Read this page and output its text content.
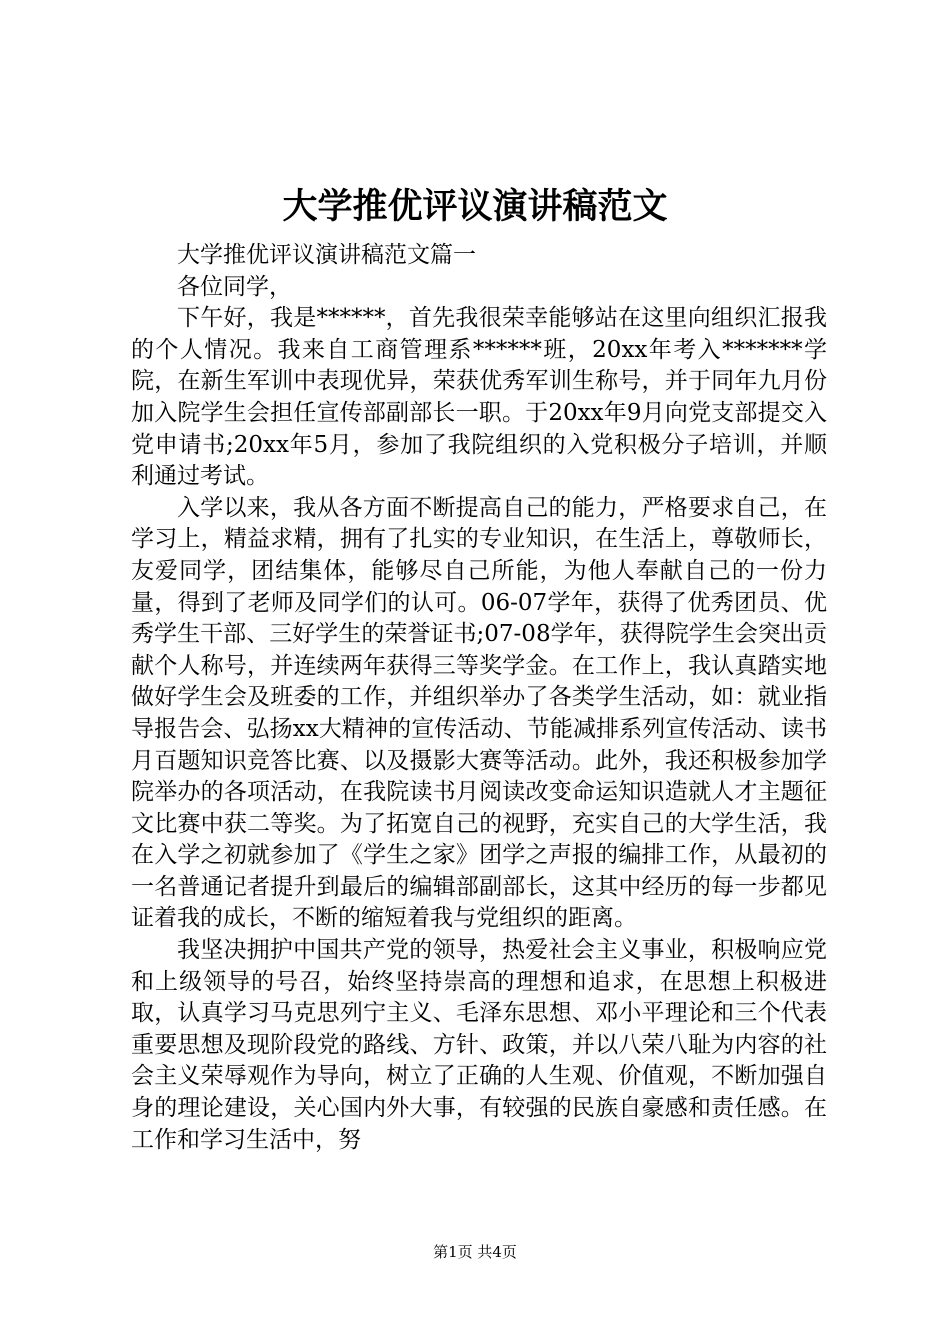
大学推优评议演讲稿范文

大学推优评议演讲稿范文篇一

各位同学，

下午好，我是******，首先我很荣幸能够站在这里向组织汇报我的个人情况。我来自工商管理系******班，20xx年考入*******学院，在新生军训中表现优异，荣获优秀军训生称号，并于同年九月份加入院学生会担任宣传部副部长一职。于20xx年9月向党支部提交入党申请书;20xx年5月，参加了我院组织的入党积极分子培训，并顺利通过考试。

入学以来，我从各方面不断提高自己的能力，严格要求自己，在学习上，精益求精，拥有了扎实的专业知识，在生活上，尊敬师长，友爱同学，团结集体，能够尽自己所能，为他人奉献自己的一份力量，得到了老师及同学们的认可。06-07学年，获得了优秀团员、优秀学生干部、三好学生的荣誉证书;07-08学年，获得院学生会突出贡献个人称号，并连续两年获得三等奖学金。在工作上，我认真踏实地做好学生会及班委的工作，并组织举办了各类学生活动，如：就业指导报告会、弘扬xx大精神的宣传活动、节能减排系列宣传活动、读书月百题知识竞答比赛、以及摄影大赛等活动。此外，我还积极参加学院举办的各项活动，在我院读书月阅读改变命运知识造就人才主题征文比赛中获二等奖。为了拓宽自己的视野，充实自己的大学生活，我在入学之初就参加了《学生之家》团学之声报的编排工作，从最初的一名普通记者提升到最后的编辑部副部长，这其中经历的每一步都见证着我的成长，不断的缩短着我与党组织的距离。

我坚决拥护中国共产党的领导，热爱社会主义事业，积极响应党和上级领导的号召，始终坚持崇高的理想和追求，在思想上积极进取，认真学习马克思列宁主义、毛泽东思想、邓小平理论和三个代表重要思想及现阶段党的路线、方针、政策，并以八荣八耻为内容的社会主义荣辱观作为导向，树立了正确的人生观、价值观，不断加强自身的理论建设，关心国内外大事，有较强的民族自豪感和责任感。在工作和学习生活中，努

第1页 共4页
